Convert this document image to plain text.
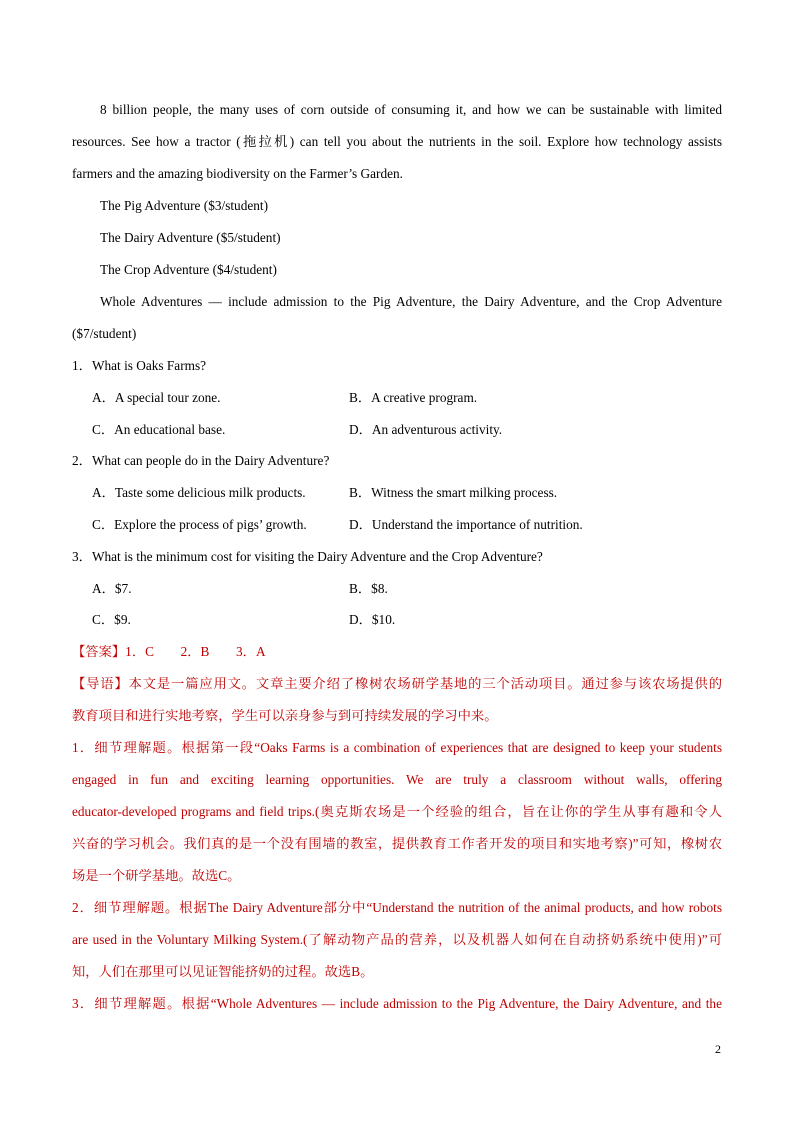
8 billion people, the many uses of corn outside of consuming it, and how we can be sustainable with limited
resources. See how a tractor (拖拉机) can tell you about the nutrients in the soil. Explore how technology assists
farmers and the amazing biodiversity on the Farmer’s Garden.
The Pig Adventure ($3/student)
The Dairy Adventure ($5/student)
The Crop Adventure ($4/student)
Whole Adventures — include admission to the Pig Adventure, the Dairy Adventure, and the Crop Adventure
($7/student)
1．What is Oaks Farms?
A．A special tour zone.	B．A creative program.
C．An educational base.	D．An adventurous activity.
2．What can people do in the Dairy Adventure?
A．Taste some delicious milk products.	B．Witness the smart milking process.
C．Explore the process of pigs’ growth.	D．Understand the importance of nutrition.
3．What is the minimum cost for visiting the Dairy Adventure and the Crop Adventure?
A．$7.	B．$8.
C．$9.	D．$10.
【答案】1．C　　2．B　　3．A
【导语】本文是一篇应用文。文章主要介绍了橡树农场研学基地的三个活动项目。通过参与该农场提供的
教育项目和进行实地考察，学生可以亲身参与到可持续发展的学习中来。
1．细节理解题。根据第一段“Oaks Farms is a combination of experiences that are designed to keep your students
engaged in fun and exciting learning opportunities. We are truly a classroom without walls, offering
educator-developed programs and field trips.(奥克斯农场是一个经验的组合，旨在让你的学生从事有趣和令人
兴奋的学习机会。我们真的是一个没有围墙的教室，提供教育工作者开发的项目和实地考察)”可知，橡树农
场是一个研学基地。故选C。
2．细节理解题。根据The Dairy Adventure部分中“Understand the nutrition of the animal products, and how robots
are used in the Voluntary Milking System.(了解动物产品的营养，以及机器人如何在自动挤奶系统中使用)”可
知，人们在那里可以见证智能挤奶的过程。故选B。
3．细节理解题。根据“Whole Adventures — include admission to the Pig Adventure, the Dairy Adventure, and the
2
